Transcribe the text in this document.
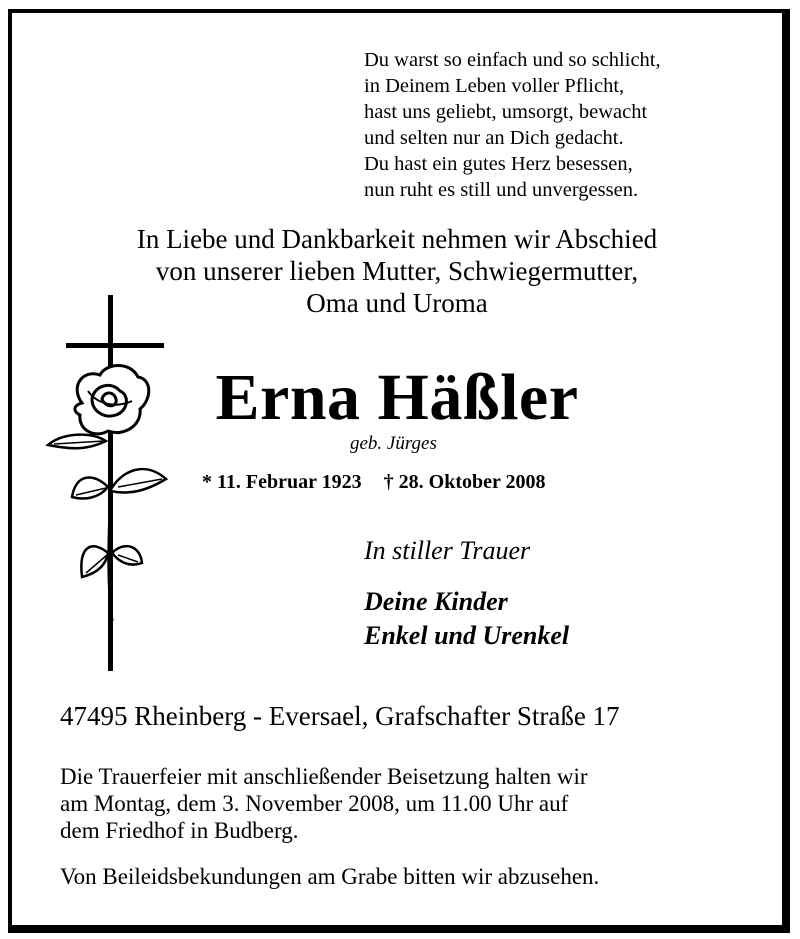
Du warst so einfach und so schlicht,
in Deinem Leben voller Pflicht,
hast uns geliebt, umsorgt, bewacht
und selten nur an Dich gedacht.
Du hast ein gutes Herz besessen,
nun ruht es still und unvergessen.
In Liebe und Dankbarkeit nehmen wir Abschied
von unserer lieben Mutter, Schwiegermutter,
Oma und Uroma
Erna Häßler
geb. Jürges
* 11. Februar 1923 † 28. Oktober 2008
In stiller Trauer
Deine Kinder
Enkel und Urenkel
47495 Rheinberg - Eversael, Grafschafter Straße 17
Die Trauerfeier mit anschließender Beisetzung halten wir
am Montag, dem 3. November 2008, um 11.00 Uhr auf
dem Friedhof in Budberg.
Von Beileidsbekundungen am Grabe bitten wir abzusehen.
